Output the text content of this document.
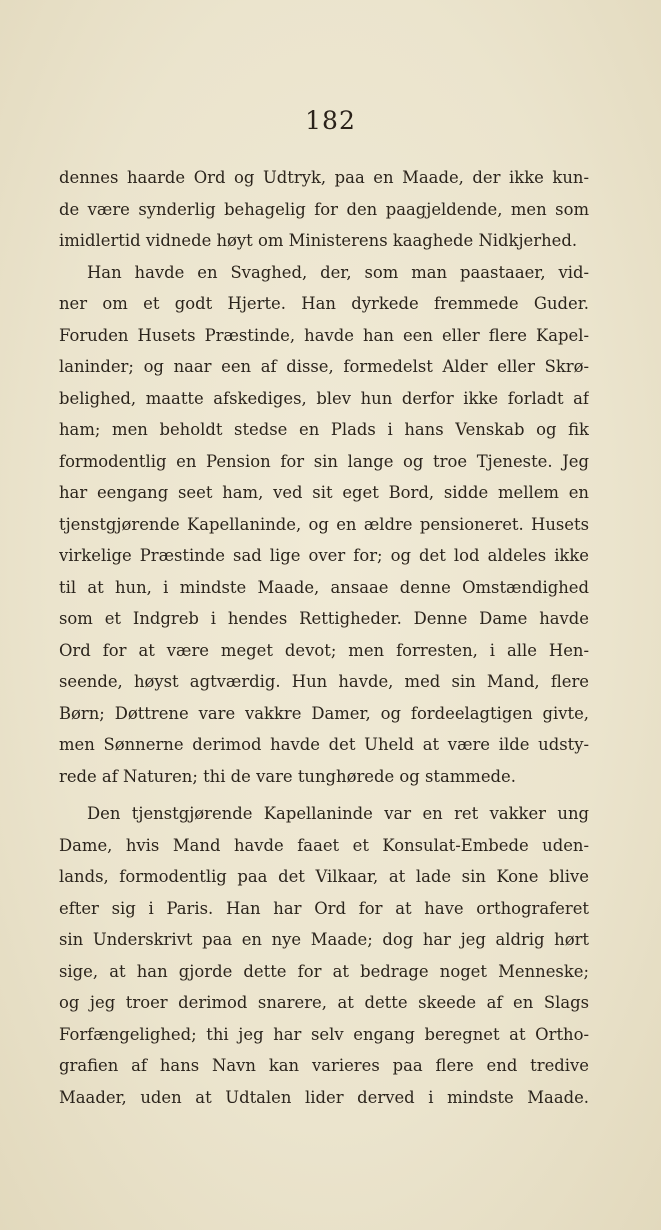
182
dennes haarde Ord og Udtryk, paa en Maade, der ikke kun-
de være synderlig behagelig for den paagjeldende, men som
imidlertid vidnede høyt om Ministerens kaaghede Nidkjerhed.
Han havde en Svaghed, der, som man paastaaer, vid-
ner om et godt Hjerte. Han dyrkede fremmede Guder.
Foruden Husets Præstinde, havde han een eller flere Kapel-
laninder; og naar een af disse, formedelst Alder eller Skrø-
belighed, maatte afskediges, blev hun derfor ikke forladt af
ham; men beholdt stedse en Plads i hans Venskab og fik
formodentlig en Pension for sin lange og troe Tjeneste. Jeg
har eengang seet ham, ved sit eget Bord, sidde mellem en
tjenstgjørende Kapellaninde, og en ældre pensioneret. Husets
virkelige Præstinde sad lige over for; og det lod aldeles ikke
til at hun, i mindste Maade, ansaae denne Omstændighed
som et Indgreb i hendes Rettigheder. Denne Dame havde
Ord for at være meget devot; men forresten, i alle Hen-
seende, høyst agtværdig. Hun havde, med sin Mand, flere
Børn; Døttrene vare vakkre Damer, og fordeelagtigen givte,
men Sønnerne derimod havde det Uheld at være ilde udsty-
rede af Naturen; thi de vare tunghørede og stammede.
Den tjenstgjørende Kapellaninde var en ret vakker ung
Dame, hvis Mand havde faaet et Konsulat-Embede uden-
lands, formodentlig paa det Vilkaar, at lade sin Kone blive
efter sig i Paris. Han har Ord for at have orthograferet
sin Underskrivt paa en nye Maade; dog har jeg aldrig hørt
sige, at han gjorde dette for at bedrage noget Menneske;
og jeg troer derimod snarere, at dette skeede af en Slags
Forfængelighed; thi jeg har selv engang beregnet at Ortho-
grafien af hans Navn kan varieres paa flere end tredive
Maader, uden at Udtalen lider derved i mindste Maade.
